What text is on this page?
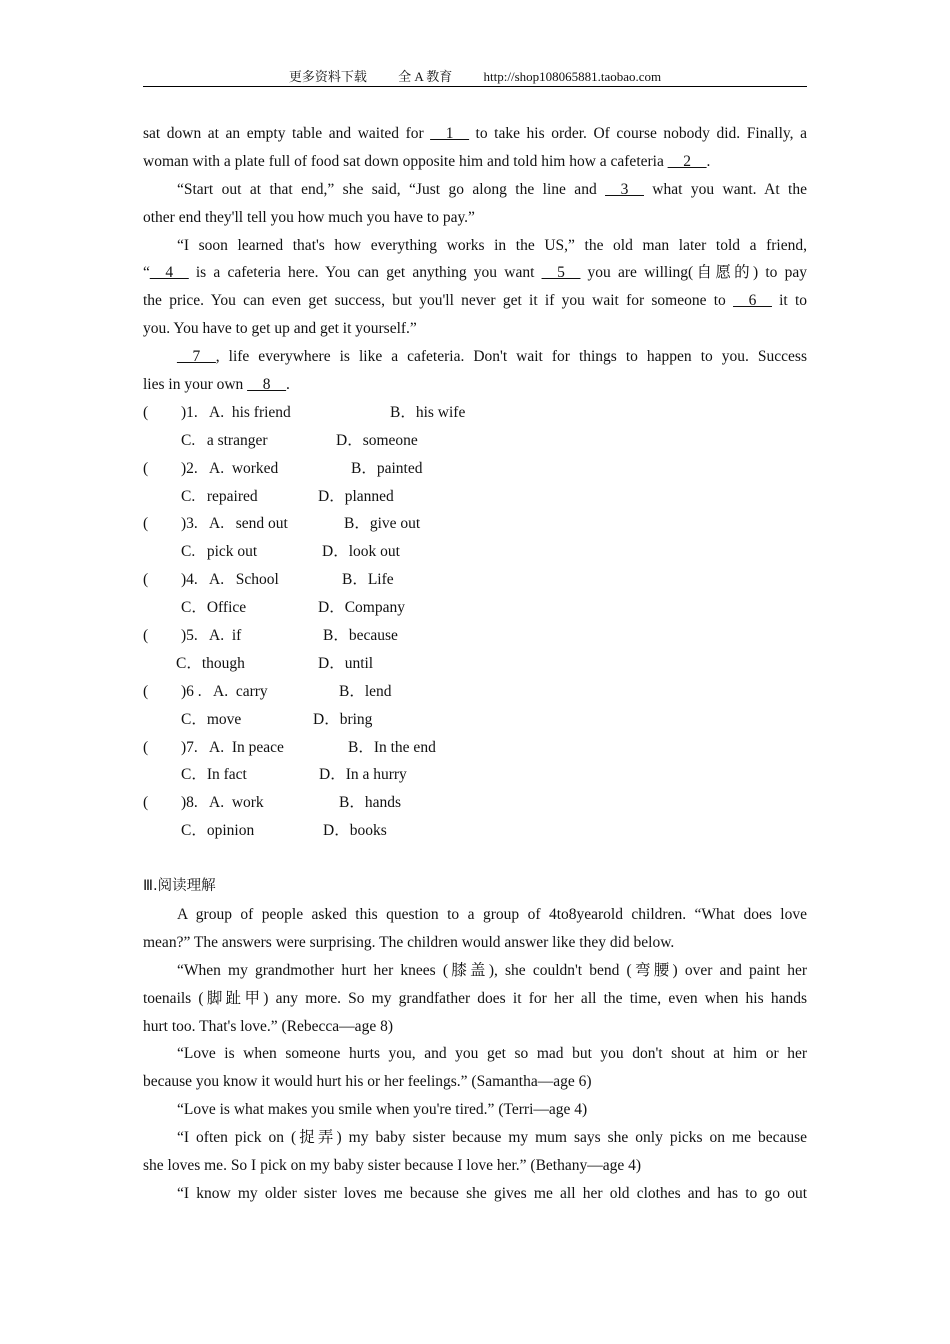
更多资料下载 全 A 教育 http://shop108065881.taobao.com
sat down at an empty table and waited for __1__ to take his order. Of course nobody did. Finally, a
woman with a plate full of food sat down opposite him and told him how a cafeteria __2__.
“Start out at that end,” she said, “Just go along the line and __3__ what you want. At the
other end they'll tell you how much you have to pay.”
“I soon learned that's how everything works in the US,” the old man later told a friend,
“__4__ is a cafeteria here. You can get anything you want __5__ you are willing(自愿的) to pay
the price. You can even get success, but you'll never get it if you wait for someone to __6__ it to
you. You have to get up and get it yourself.”
__7__, life everywhere is like a cafeteria. Don't wait for things to happen to you. Success
lies in your own __8__.
( )1. A.  his friend	B．his wife
C.   a stranger	D．someone
( )2. A.  worked	B．painted
C.   repaired	D．planned
( )3. A.   send out	B．give out
C.   pick out	D．look out
( )4. A.   School	B．Life
C．Office	D．Company
( )5. A.  if	B．because
C．though	D．until
( )6 . A.  carry	B．lend
C．move	D．bring
( )7. A.  In peace	B．In the end
C．In fact	D．In a hurry
( )8. A.  work	B．hands
C．opinion	D．books
Ⅲ.阅读理解
A group of people asked this question to a group of 4to8yearold children. “What does love
mean?” The answers were surprising. The children would answer like they did below.
“When my grandmother hurt her knees (膝盖), she couldn't bend (弯腰) over and paint her
toenails (脚趾甲) any more. So my grandfather does it for her all the time, even when his hands
hurt too. That's love.” (Rebecca—age 8)
“Love is when someone hurts you, and you get so mad but you don't shout at him or her
because you know it would hurt his or her feelings.” (Samantha—age 6)
“Love is what makes you smile when you're tired.” (Terri—age 4)
“I often pick on (捉弄) my baby sister because my mum says she only picks on me because
she loves me. So I pick on my baby sister because I love her.” (Bethany—age 4)
“I know my older sister loves me because she gives me all her old clothes and has to go out
